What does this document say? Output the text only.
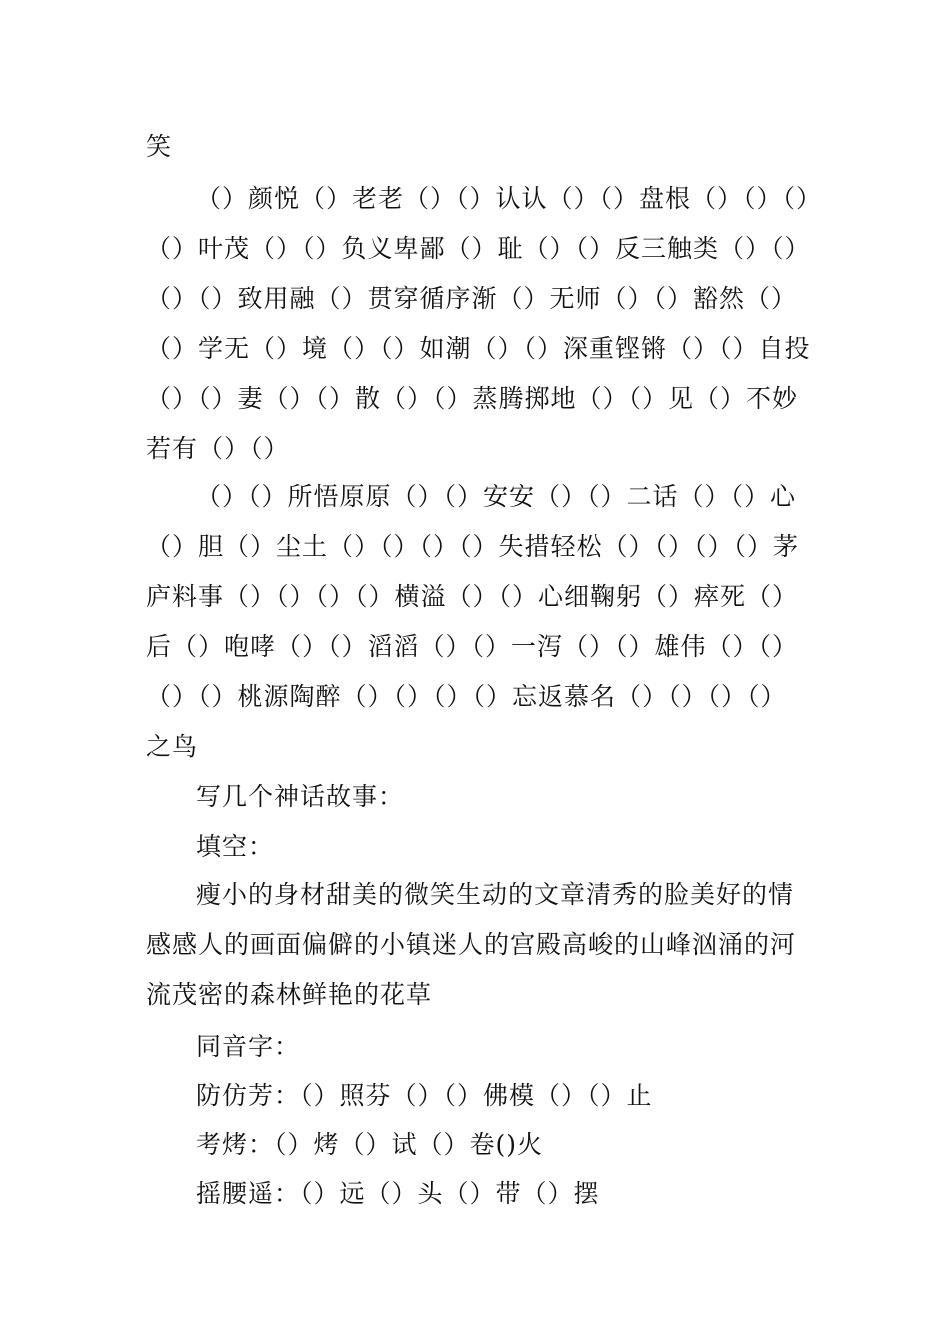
笑
（）颜悦（）老老（）（）认认（）（）盘根（）（）（）（）叶茂（）（）负义卑鄙（）耻（）（）反三触类（）（）（）（）致用融（）贯穿循序渐（）无师（）（）豁然（）（）学无（）境（）（）如潮（）（）深重铿锵（）（）自投（）（）妻（）（）散（）（）蒸腾掷地（）（）见（）不妙若有（）（）
（）（）所悟原原（）（）安安（）（）二话（）（）心（）胆（）尘土（）（）（）（）失措轻松（）（）（）（）茅庐料事（）（）（）（）横溢（）（）心细鞠躬（）瘁死（）后（）咆哮（）（）滔滔（）（）一泻（）（）雄伟（）（）（）（）桃源陶醉（）（）（）（）忘返慕名（）（）（）（）之鸟
写几个神话故事：
填空：
瘦小的身材甜美的微笑生动的文章清秀的脸美好的情感感人的画面偏僻的小镇迷人的宫殿高峻的山峰汹涌的河流茂密的森林鲜艳的花草
同音字：
防仿芳：（）照芬（）（）佛模（）（）止
考烤：（）烤（）试（）卷()火
摇腰遥：（）远（）头（）带（）摆
